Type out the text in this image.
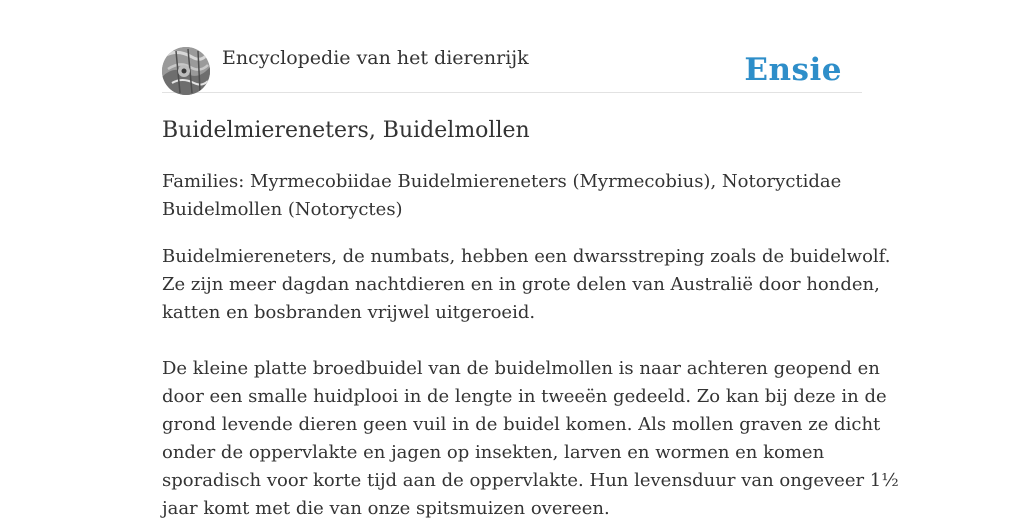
Encyclopedie van het dierenrijk	Ensie
Buidelmiereneters, Buidelmollen
Families: Myrmecobiidae Buidelmiereneters (Myrmecobius), Notoryctidae
Buidelmollen (Notoryctes)
Buidelmiereneters, de numbats, hebben een dwarsstreping zoals de buidelwolf.
Ze zijn meer dagdan nachtdieren en in grote delen van Australië door honden,
katten en bosbranden vrijwel uitgeroeid.
De kleine platte broedbuidel van de buidelmollen is naar achteren geopend en
door een smalle huidplooi in de lengte in tweeën gedeeld. Zo kan bij deze in de
grond levende dieren geen vuil in de buidel komen. Als mollen graven ze dicht
onder de oppervlakte en jagen op insekten, larven en wormen en komen
sporadisch voor korte tijd aan de oppervlakte. Hun levensduur van ongeveer 1½
jaar komt met die van onze spitsmuizen overeen.
